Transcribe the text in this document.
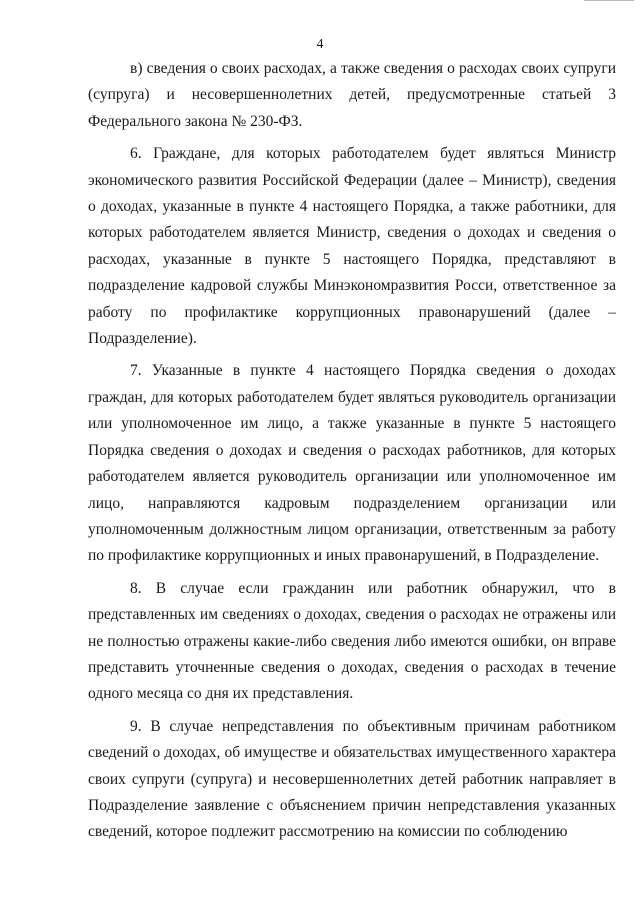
4

в) сведения о своих расходах, а также сведения о расходах своих супруги (супруга) и несовершеннолетних детей, предусмотренные статьей 3 Федерального закона № 230-ФЗ.

6. Граждане, для которых работодателем будет являться Министр экономического развития Российской Федерации (далее – Министр), сведения о доходах, указанные в пункте 4 настоящего Порядка, а также работники, для которых работодателем является Министр, сведения о доходах и сведения о расходах, указанные в пункте 5 настоящего Порядка, представляют в подразделение кадровой службы Минэкономразвития Росси, ответственное за работу по профилактике коррупционных правонарушений (далее – Подразделение).

7. Указанные в пункте 4 настоящего Порядка сведения о доходах граждан, для которых работодателем будет являться руководитель организации или уполномоченное им лицо, а также указанные в пункте 5 настоящего Порядка сведения о доходах и сведения о расходах работников, для которых работодателем является руководитель организации или уполномоченное им лицо, направляются кадровым подразделением организации или уполномоченным должностным лицом организации, ответственным за работу по профилактике коррупционных и иных правонарушений, в Подразделение.

8. В случае если гражданин или работник обнаружил, что в представленных им сведениях о доходах, сведения о расходах не отражены или не полностью отражены какие-либо сведения либо имеются ошибки, он вправе представить уточненные сведения о доходах, сведения о расходах в течение одного месяца со дня их представления.

9. В случае непредставления по объективным причинам работником сведений о доходах, об имуществе и обязательствах имущественного характера своих супруги (супруга) и несовершеннолетних детей работник направляет в Подразделение заявление с объяснением причин непредставления указанных сведений, которое подлежит рассмотрению на комиссии по соблюдению
